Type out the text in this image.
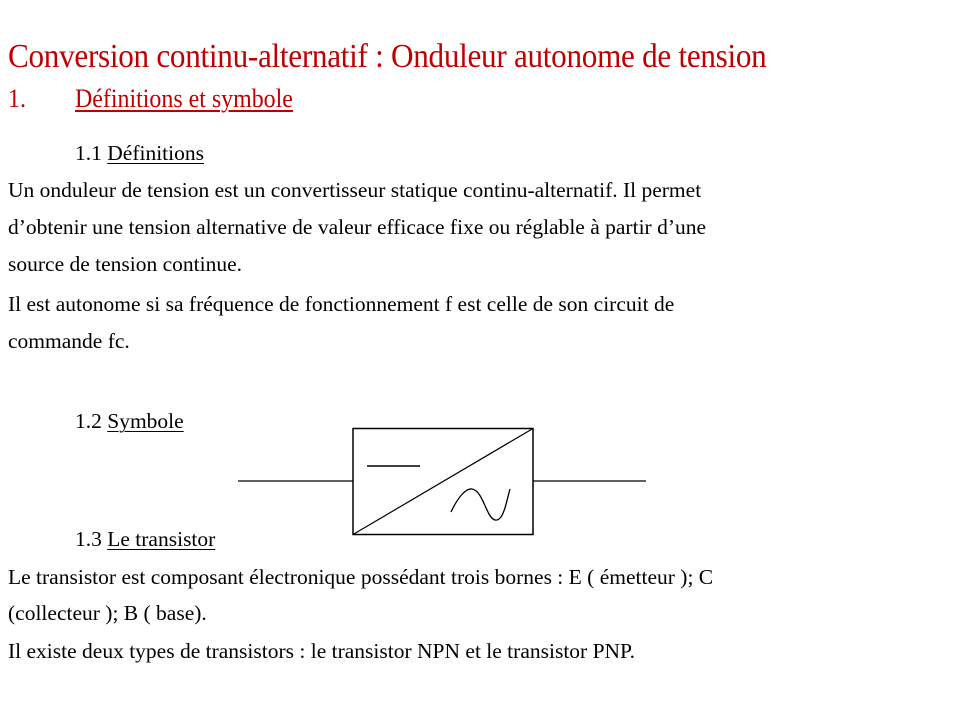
Conversion continu-alternatif : Onduleur autonome de tension
1. Définitions et symbole
1.1 Définitions
Un onduleur de tension est un convertisseur statique continu-alternatif. Il permet
d’obtenir une tension alternative de valeur efficace fixe ou réglable à partir d’une
source de tension continue.
Il est autonome si sa fréquence de fonctionnement f est celle de son circuit de
commande fc.
1.2 Symbole
1.3 Le transistor
Le transistor est composant électronique possédant trois bornes : E ( émetteur ); C
(collecteur ); B ( base).
Il existe deux types de transistors : le transistor NPN et le transistor PNP.
